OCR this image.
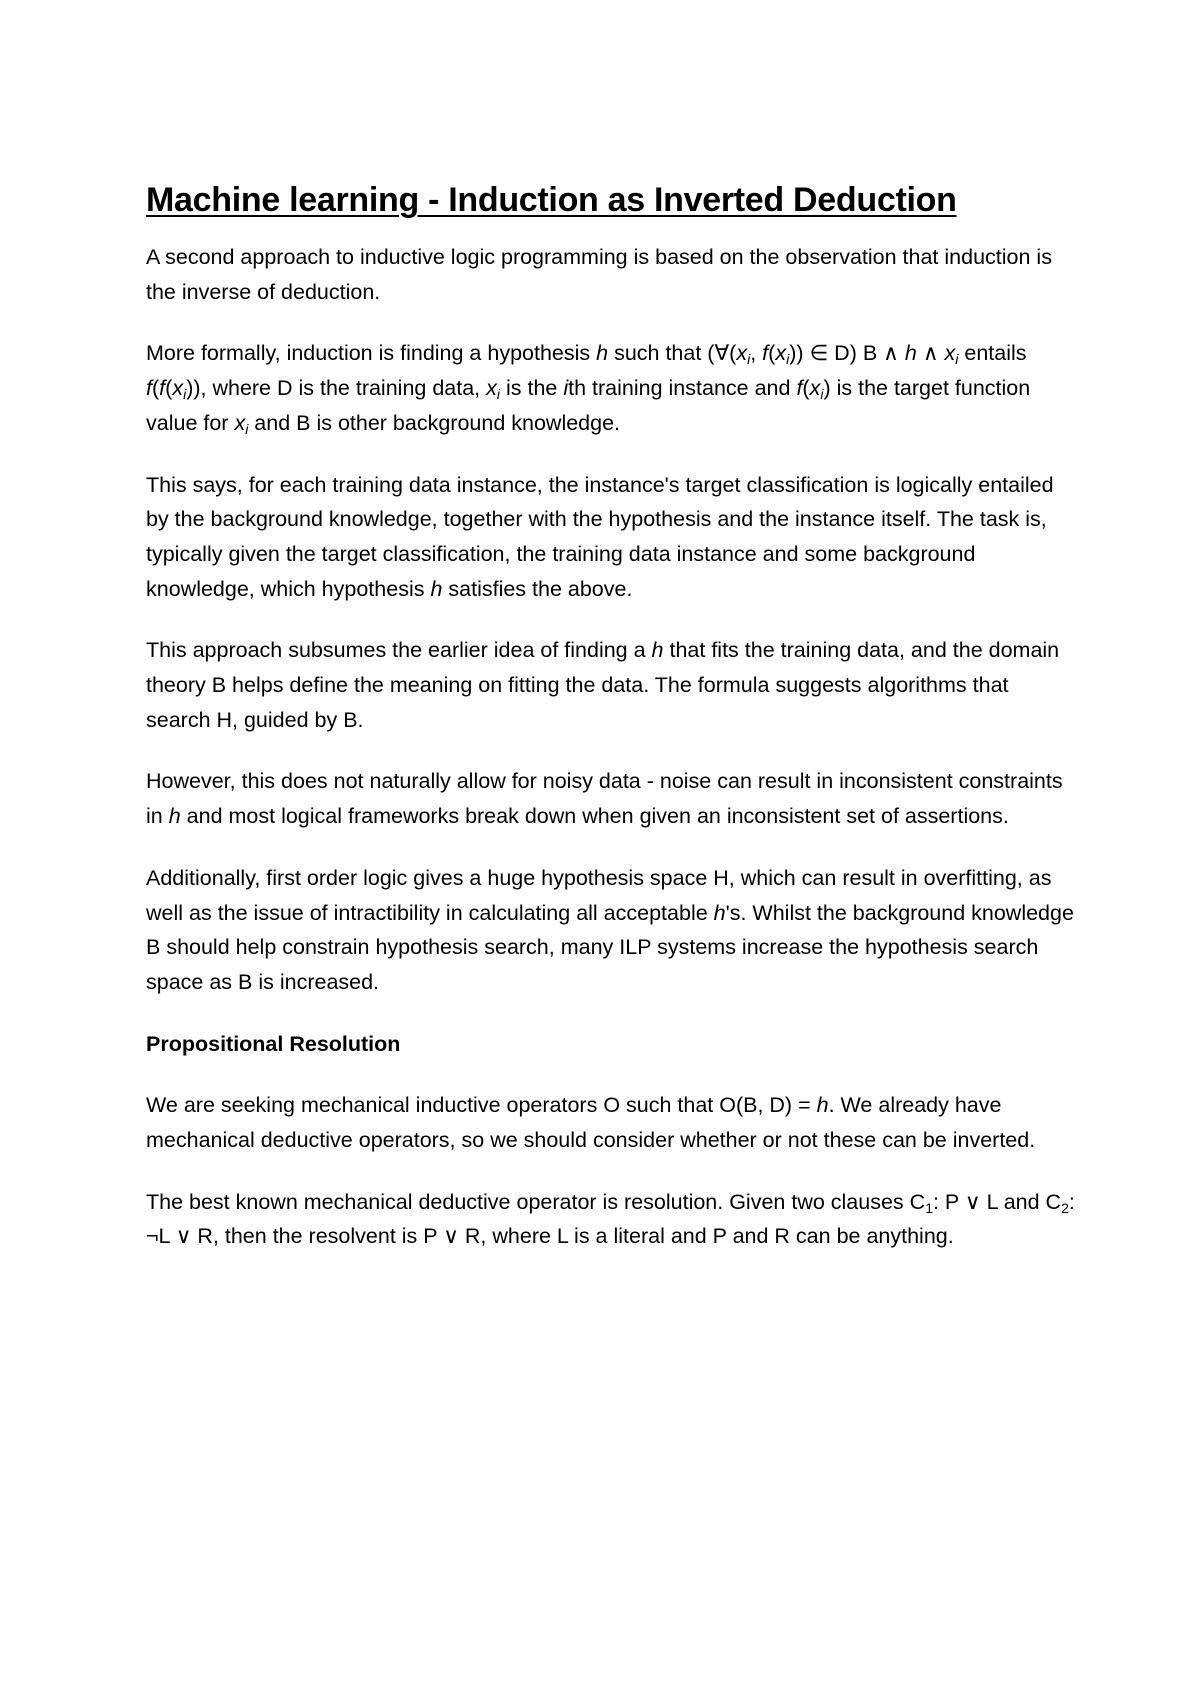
Machine learning - Induction as Inverted Deduction

A second approach to inductive logic programming is based on the observation that induction is the inverse of deduction.

More formally, induction is finding a hypothesis h such that ($\forall(x_i$, $f(x_i)$) ∈ D) B ∧ h ∧ $x_i$ entails $f(f(x_i))$, where D is the training data, $x_i$ is the ith training instance and $f(x_i)$ is the target function value for $x_i$ and B is other background knowledge.

This says, for each training data instance, the instance's target classification is logically entailed by the background knowledge, together with the hypothesis and the instance itself. The task is, typically given the target classification, the training data instance and some background knowledge, which hypothesis h satisfies the above.

This approach subsumes the earlier idea of finding a h that fits the training data, and the domain theory B helps define the meaning on fitting the data. The formula suggests algorithms that search H, guided by B.

However, this does not naturally allow for noisy data - noise can result in inconsistent constraints in h and most logical frameworks break down when given an inconsistent set of assertions.

Additionally, first order logic gives a huge hypothesis space H, which can result in overfitting, as well as the issue of intractibility in calculating all acceptable h's. Whilst the background knowledge B should help constrain hypothesis search, many ILP systems increase the hypothesis search space as B is increased.

Propositional Resolution

We are seeking mechanical inductive operators O such that O(B, D) = h. We already have mechanical deductive operators, so we should consider whether or not these can be inverted.

The best known mechanical deductive operator is resolution. Given two clauses $C_1$: P ∨ L and $C_2$: ¬L ∨ R, then the resolvent is P ∨ R, where L is a literal and P and R can be anything.
